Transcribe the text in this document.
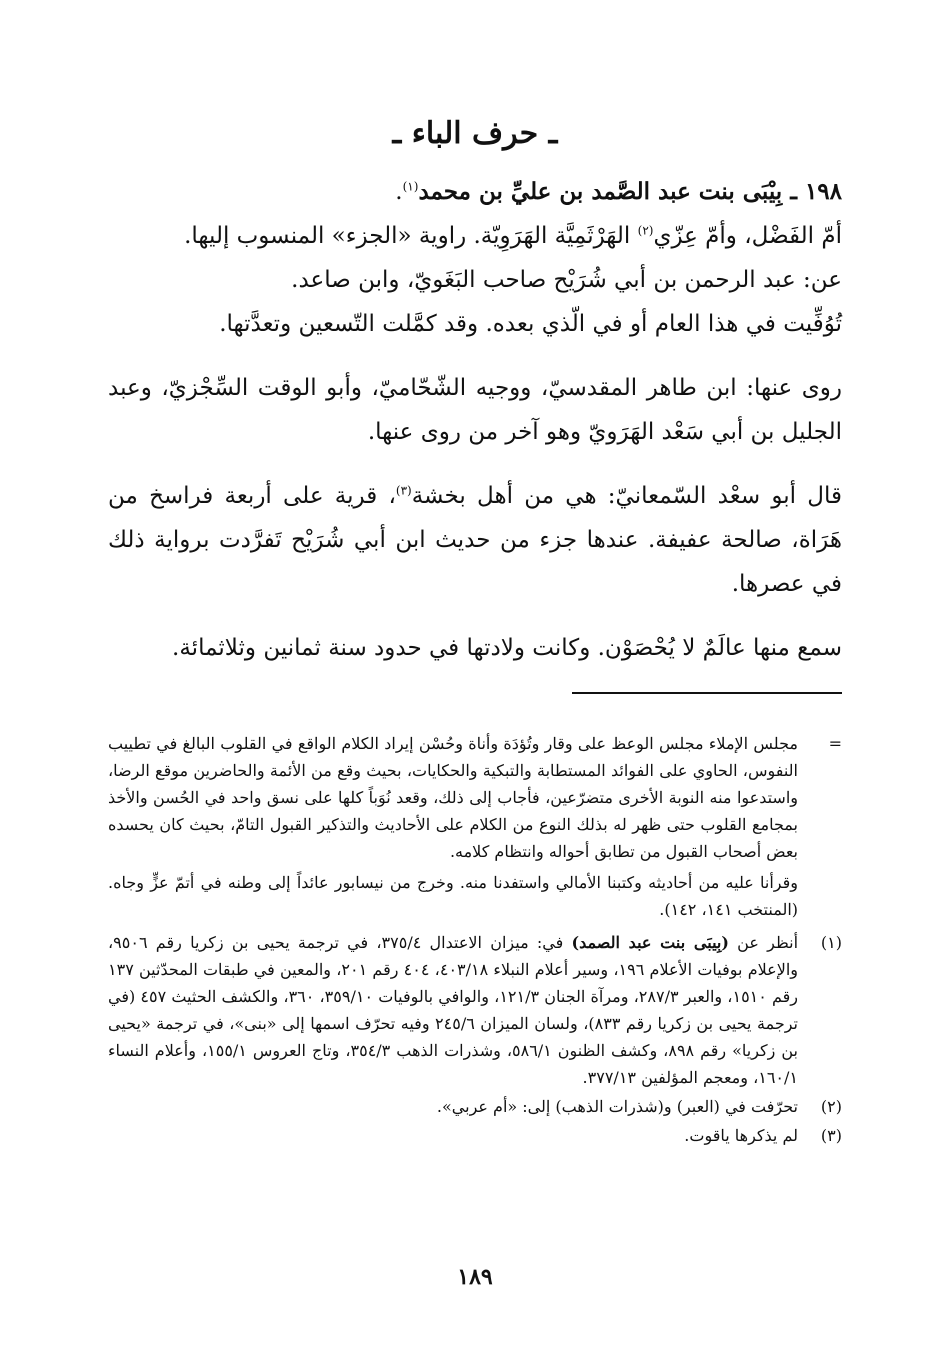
ـ حرف الباء ـ

١٩٨ ـ بِيْبَى بنت عبد الصَّمد بن عليِّ بن محمد$^{(١)}$.
أمّ الفَضْل، وأمّ عِزّي$^{(٢)}$ الهَرْثَمِيَّة الهَرَوِيّة. راوية «الجزء» المنسوب إليها.
عن: عبد الرحمن بن أبي شُرَيْح صاحب البَغَويّ، وابن صاعد.
تُوُفِّيت في هذا العام أو في الّذي بعده. وقد كمَّلت التّسعين وتعدَّتها.

روى عنها: ابن طاهر المقدسيّ، ووجيه الشّحّاميّ، وأبو الوقت السِّجْزيّ، وعبد الجليل بن أبي سَعْد الهَرَويّ وهو آخر من روى عنها.

قال أبو سعْد السّمعانيّ: هي من أهل بخشة$^{(٣)}$، قرية على أربعة فراسخ من هَرَاة، صالحة عفيفة. عندها جزء من حديث ابن أبي شُرَيْح تَفرَّدت برواية ذلك في عصرها.

سمع منها عالَمٌ لا يُحْصَوْن. وكانت ولادتها في حدود سنة ثمانين وثلاثمائة.

=

مجلس الإملاء مجلس الوعظ على وقار وتُؤدَة وأناة وحُسْن إيراد الكلام الواقع في القلوب البالغ في تطييب النفوس، الحاوي على الفوائد المستطابة والتبكية والحكايات، بحيث وقع من الأئمة والحاضرين موقع الرضا، واستدعوا منه النوبة الأخرى متضرّعين، فأجاب إلى ذلك، وقعد نُوَباً كلها على نسق واحد في الحُسن والأخذ بمجامع القلوب حتى ظهر له بذلك النوع من الكلام على الأحاديث والتذكير القبول التامّ، بحيث كان يحسده بعض أصحاب القبول من تطابق أحواله وانتظام كلامه.

وقرأنا عليه من أحاديثه وكتبنا الأمالي واستفدنا منه. وخرج من نيسابور عائداً إلى وطنه في أتمّ عزٍّ وجاه. (المنتخب ١٤١، ١٤٢).

(١)
أنظر عن (بِيبَى بنت عبد الصمد) في: ميزان الاعتدال ٣٧٥/٤، في ترجمة يحيى بن زكريا رقم ٩٥٠٦، والإعلام بوفيات الأعلام ١٩٦، وسير أعلام النبلاء ٤٠٣/١٨، ٤٠٤ رقم ٢٠١، والمعين في طبقات المحدّثين ١٣٧ رقم ١٥١٠، والعبر ٢٨٧/٣، ومرآة الجنان ١٢١/٣، والوافي بالوفيات ٣٥٩/١٠، ٣٦٠، والكشف الحثيث ٤٥٧ (في ترجمة يحيى بن زكريا رقم ٨٣٣)، ولسان الميزان ٢٤٥/٦ وفيه تحرّف اسمها إلى «بنى»، في ترجمة «يحيى بن زكريا» رقم ٨٩٨، وكشف الظنون ٥٨٦/١، وشذرات الذهب ٣٥٤/٣، وتاج العروس ١٥٥/١، وأعلام النساء ١٦٠/١، ومعجم المؤلفين ٣٧٧/١٣.
(٢)
تحرّفت في (العبر) و(شذرات الذهب) إلى: «أم عربي».
(٣)
لم يذكرها ياقوت.
١٨٩
